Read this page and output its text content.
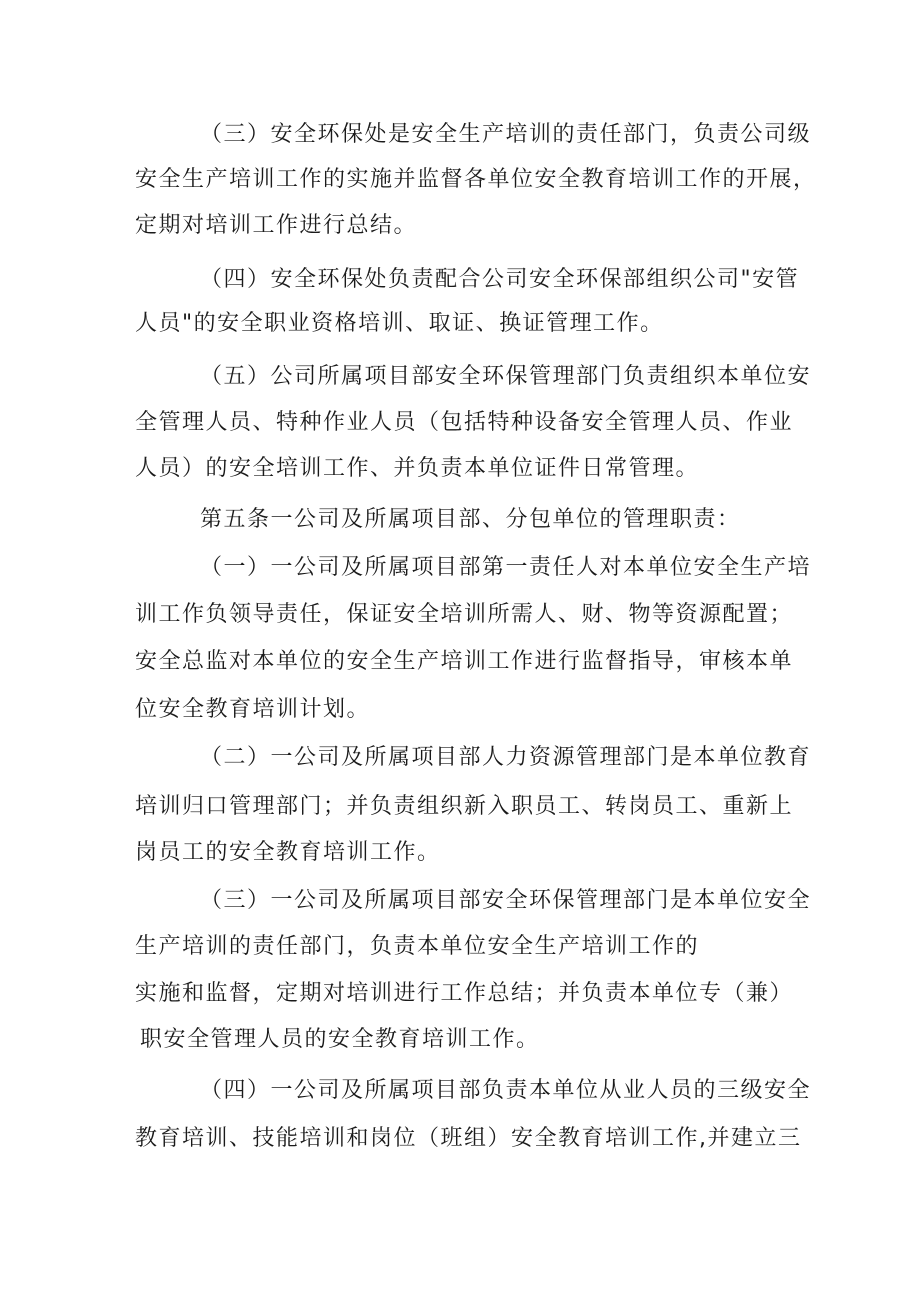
（三）安全环保处是安全生产培训的责任部门，负责公司级
安全生产培训工作的实施并监督各单位安全教育培训工作的开展，
定期对培训工作进行总结。
（四）安全环保处负责配合公司安全环保部组织公司"安管
人员"的安全职业资格培训、取证、换证管理工作。
（五）公司所属项目部安全环保管理部门负责组织本单位安
全管理人员、特种作业人员（包括特种设备安全管理人员、作业
人员）的安全培训工作、并负责本单位证件日常管理。
第五条一公司及所属项目部、分包单位的管理职责：
（一）一公司及所属项目部第一责任人对本单位安全生产培
训工作负领导责任，保证安全培训所需人、财、物等资源配置；
安全总监对本单位的安全生产培训工作进行监督指导，审核本单
位安全教育培训计划。
（二）一公司及所属项目部人力资源管理部门是本单位教育
培训归口管理部门；并负责组织新入职员工、转岗员工、重新上
岗员工的安全教育培训工作。
（三）一公司及所属项目部安全环保管理部门是本单位安全
生产培训的责任部门，负责本单位安全生产培训工作的
实施和监督，定期对培训进行工作总结；并负责本单位专（兼）
职安全管理人员的安全教育培训工作。
（四）一公司及所属项目部负责本单位从业人员的三级安全
教育培训、技能培训和岗位（班组）安全教育培训工作,并建立三
